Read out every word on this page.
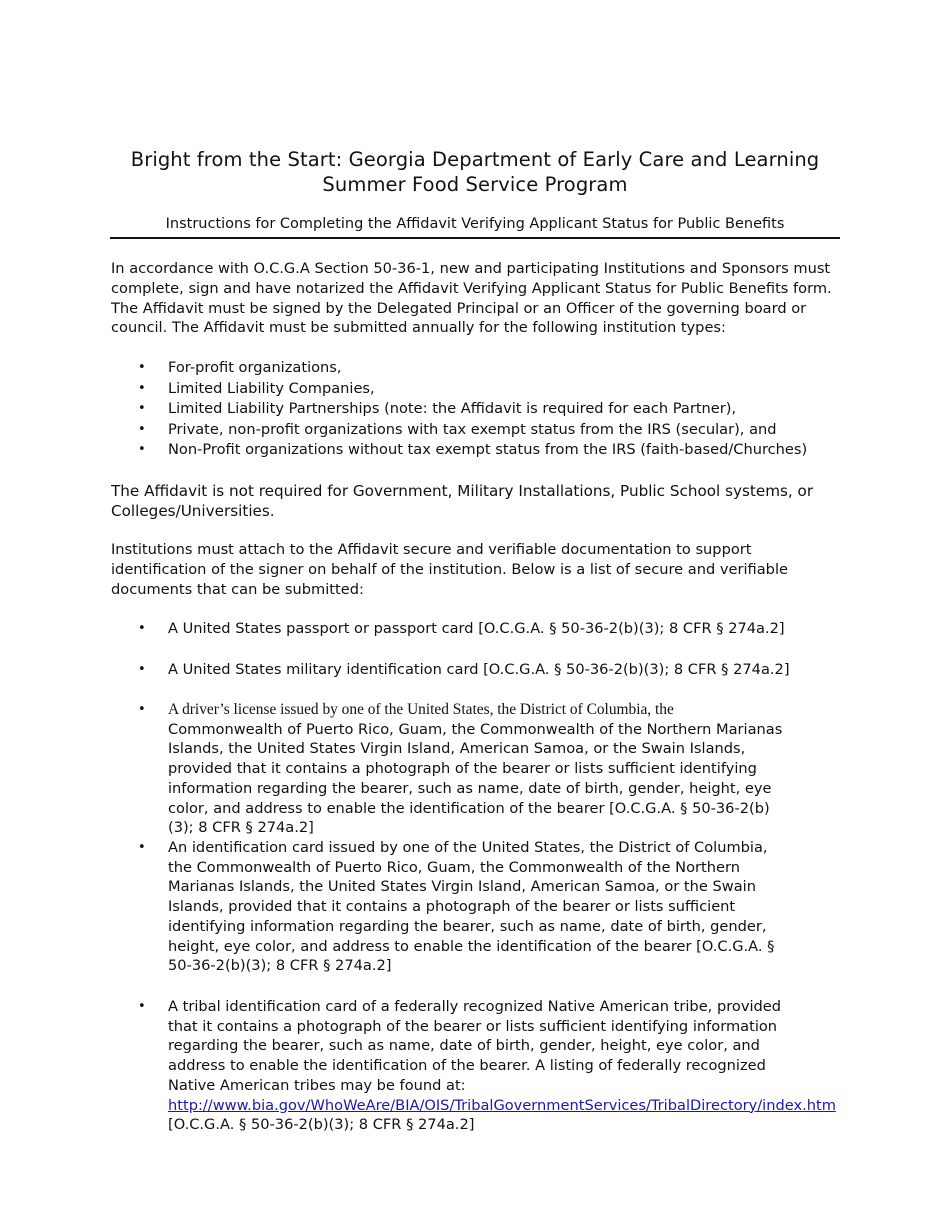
Bright from the Start: Georgia Department of Early Care and Learning
Summer Food Service Program

Instructions for Completing the Affidavit Verifying Applicant Status for Public Benefits

In accordance with O.C.G.A Section 50-36-1, new and participating Institutions and Sponsors must complete, sign and have notarized the Affidavit Verifying Applicant Status for Public Benefits form. The Affidavit must be signed by the Delegated Principal or an Officer of the governing board or council. The Affidavit must be submitted annually for the following institution types:

• For-profit organizations,
• Limited Liability Companies,
• Limited Liability Partnerships (note: the Affidavit is required for each Partner),
• Private, non-profit organizations with tax exempt status from the IRS (secular), and
• Non-Profit organizations without tax exempt status from the IRS (faith-based/Churches)

The Affidavit is not required for Government, Military Installations, Public School systems, or Colleges/Universities.

Institutions must attach to the Affidavit secure and verifiable documentation to support identification of the signer on behalf of the institution. Below is a list of secure and verifiable documents that can be submitted:

• A United States passport or passport card [O.C.G.A. § 50-36-2(b)(3); 8 CFR § 274a.2]
• A United States military identification card [O.C.G.A. § 50-36-2(b)(3); 8 CFR § 274a.2]
• A driver’s license issued by one of the United States, the District of Columbia, the Commonwealth of Puerto Rico, Guam, the Commonwealth of the Northern Marianas Islands, the United States Virgin Island, American Samoa, or the Swain Islands, provided that it contains a photograph of the bearer or lists sufficient identifying information regarding the bearer, such as name, date of birth, gender, height, eye color, and address to enable the identification of the bearer [O.C.G.A. § 50-36-2(b)(3); 8 CFR § 274a.2]
• An identification card issued by one of the United States, the District of Columbia, the Commonwealth of Puerto Rico, Guam, the Commonwealth of the Northern Marianas Islands, the United States Virgin Island, American Samoa, or the Swain Islands, provided that it contains a photograph of the bearer or lists sufficient identifying information regarding the bearer, such as name, date of birth, gender, height, eye color, and address to enable the identification of the bearer [O.C.G.A. § 50-36-2(b)(3); 8 CFR § 274a.2]
• A tribal identification card of a federally recognized Native American tribe, provided that it contains a photograph of the bearer or lists sufficient identifying information regarding the bearer, such as name, date of birth, gender, height, eye color, and address to enable the identification of the bearer. A listing of federally recognized Native American tribes may be found at:
http://www.bia.gov/WhoWeAre/BIA/OIS/TribalGovernmentServices/TribalDirectory/index.htm
[O.C.G.A. § 50-36-2(b)(3); 8 CFR § 274a.2]
